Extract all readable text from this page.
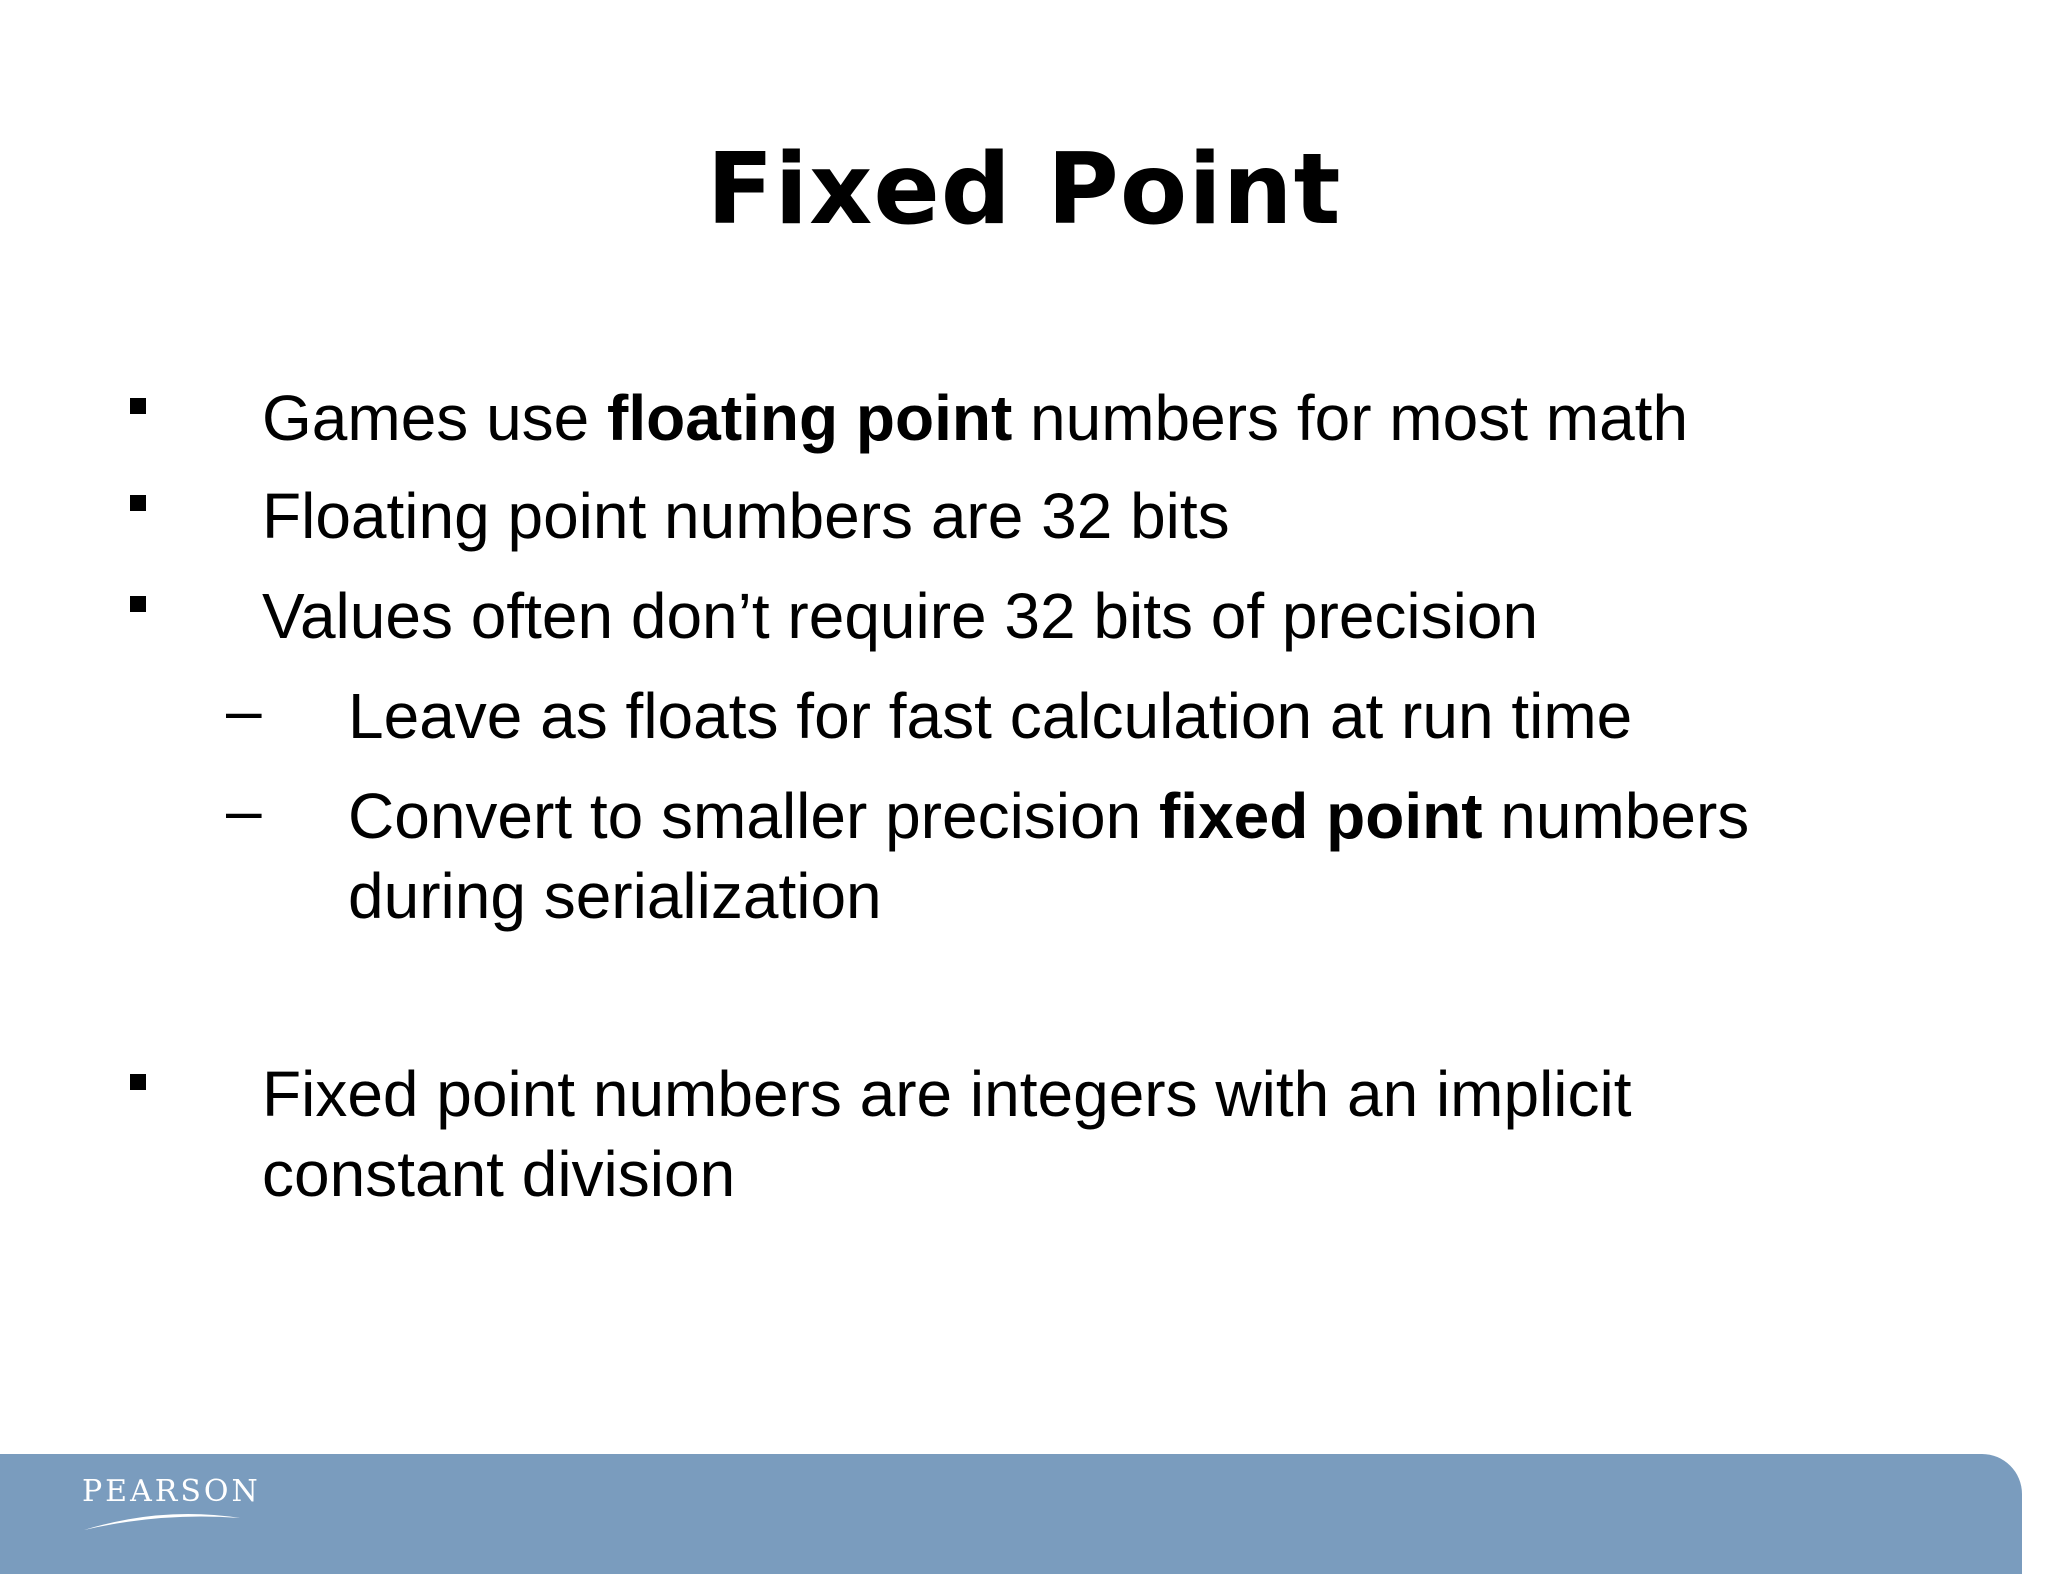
Fixed Point
Games use floating point numbers for most math
Floating point numbers are 32 bits
Values often don’t require 32 bits of precision
– Leave as floats for fast calculation at run time
– Convert to smaller precision fixed point numbers
during serialization
Fixed point numbers are integers with an implicit
constant division
PEARSON
